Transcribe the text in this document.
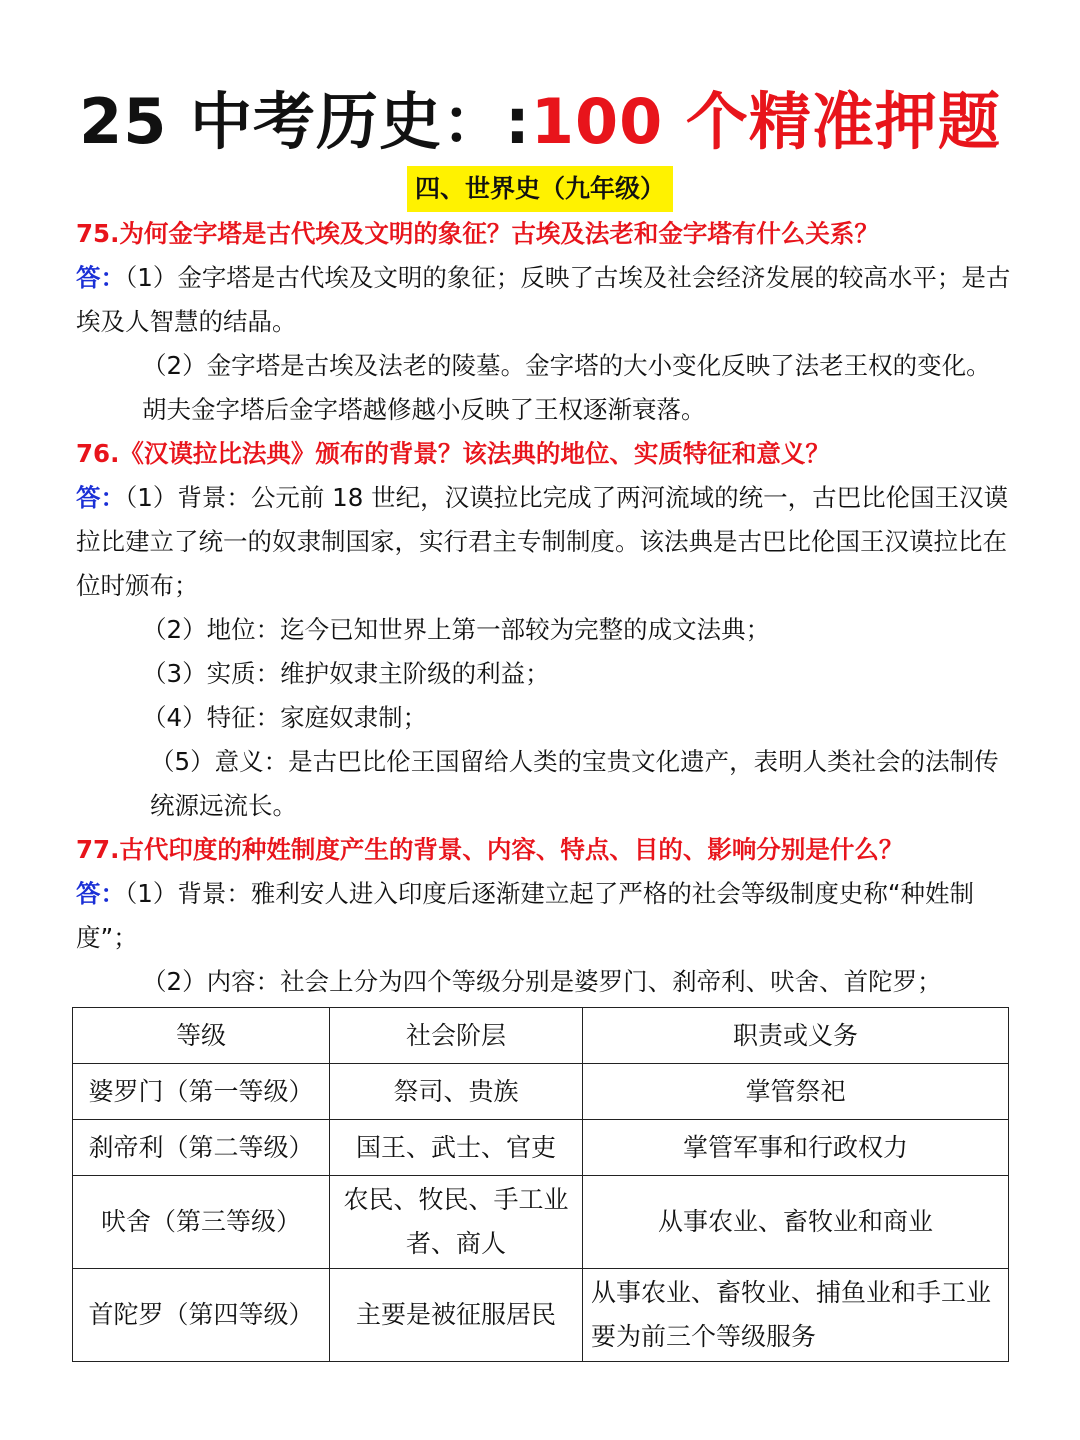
25 中考历史：:100 个精准押题
四、世界史（九年级）
75.为何金字塔是古代埃及文明的象征？古埃及法老和金字塔有什么关系？
答：（1）金字塔是古代埃及文明的象征；反映了古埃及社会经济发展的较高水平；是古埃及人智慧的结晶。
（2）金字塔是古埃及法老的陵墓。金字塔的大小变化反映了法老王权的变化。胡夫金字塔后金字塔越修越小反映了王权逐渐衰落。
76.《汉谟拉比法典》颁布的背景？该法典的地位、实质特征和意义？
答：（1）背景：公元前 18 世纪，汉谟拉比完成了两河流域的统一，古巴比伦国王汉谟拉比建立了统一的奴隶制国家，实行君主专制制度。该法典是古巴比伦国王汉谟拉比在位时颁布；
（2）地位：迄今已知世界上第一部较为完整的成文法典；
（3）实质：维护奴隶主阶级的利益；
（4）特征：家庭奴隶制；
（5）意义：是古巴比伦王国留给人类的宝贵文化遗产，表明人类社会的法制传统源远流长。
77.古代印度的种姓制度产生的背景、内容、特点、目的、影响分别是什么？
答：（1）背景：雅利安人进入印度后逐渐建立起了严格的社会等级制度史称“种姓制度”；
（2）内容：社会上分为四个等级分别是婆罗门、刹帝利、吠舍、首陀罗；
等级	社会阶层	职责或义务
婆罗门（第一等级）	祭司、贵族	掌管祭祀
刹帝利（第二等级）	国王、武士、官吏	掌管军事和行政权力
吠舍（第三等级）	农民、牧民、手工业者、商人	从事农业、畜牧业和商业
首陀罗（第四等级）	主要是被征服居民	从事农业、畜牧业、捕鱼业和手工业要为前三个等级服务
